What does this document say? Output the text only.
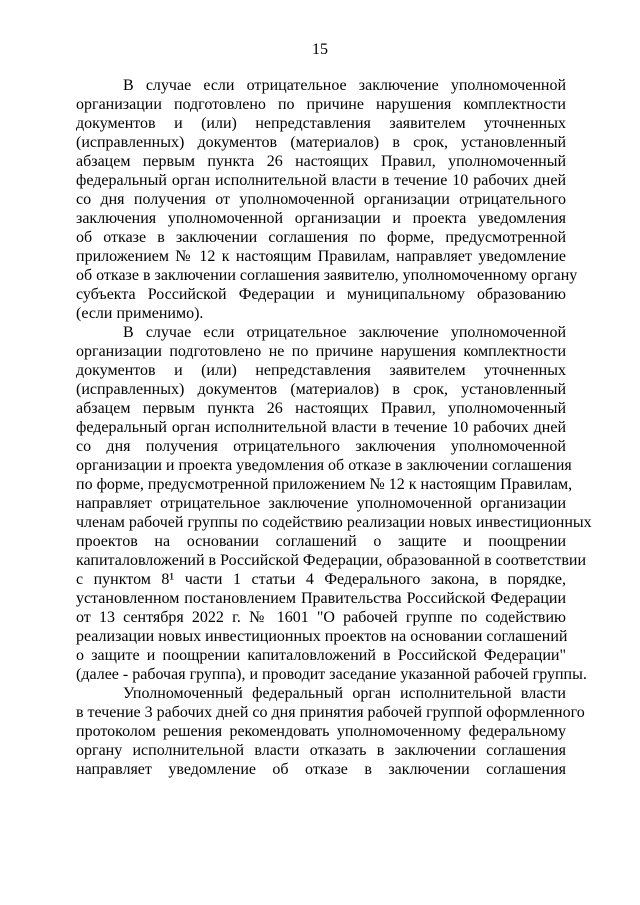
15
В случае если отрицательное заключение уполномоченной
организации подготовлено по причине нарушения комплектности
документов и (или) непредставления заявителем уточненных
(исправленных) документов (материалов) в срок, установленный
абзацем первым пункта 26 настоящих Правил, уполномоченный
федеральный орган исполнительной власти в течение 10 рабочих дней
со дня получения от уполномоченной организации отрицательного
заключения уполномоченной организации и проекта уведомления
об отказе в заключении соглашения по форме, предусмотренной
приложением № 12 к настоящим Правилам, направляет уведомление
об отказе в заключении соглашения заявителю, уполномоченному органу
субъекта Российской Федерации и муниципальному образованию
(если применимо).
В случае если отрицательное заключение уполномоченной
организации подготовлено не по причине нарушения комплектности
документов и (или) непредставления заявителем уточненных
(исправленных) документов (материалов) в срок, установленный
абзацем первым пункта 26 настоящих Правил, уполномоченный
федеральный орган исполнительной власти в течение 10 рабочих дней
со дня получения отрицательного заключения уполномоченной
организации и проекта уведомления об отказе в заключении соглашения
по форме, предусмотренной приложением № 12 к настоящим Правилам,
направляет отрицательное заключение уполномоченной организации
членам рабочей группы по содействию реализации новых инвестиционных
проектов на основании соглашений о защите и поощрении
капиталовложений в Российской Федерации, образованной в соответствии
с пунктом 8¹ части 1 статьи 4 Федерального закона, в порядке,
установленном постановлением Правительства Российской Федерации
от 13 сентября 2022 г. № 1601 "О рабочей группе по содействию
реализации новых инвестиционных проектов на основании соглашений
о защите и поощрении капиталовложений в Российской Федерации"
(далее - рабочая группа), и проводит заседание указанной рабочей группы.
Уполномоченный федеральный орган исполнительной власти
в течение 3 рабочих дней со дня принятия рабочей группой оформленного
протоколом решения рекомендовать уполномоченному федеральному
органу исполнительной власти отказать в заключении соглашения
направляет уведомление об отказе в заключении соглашения
